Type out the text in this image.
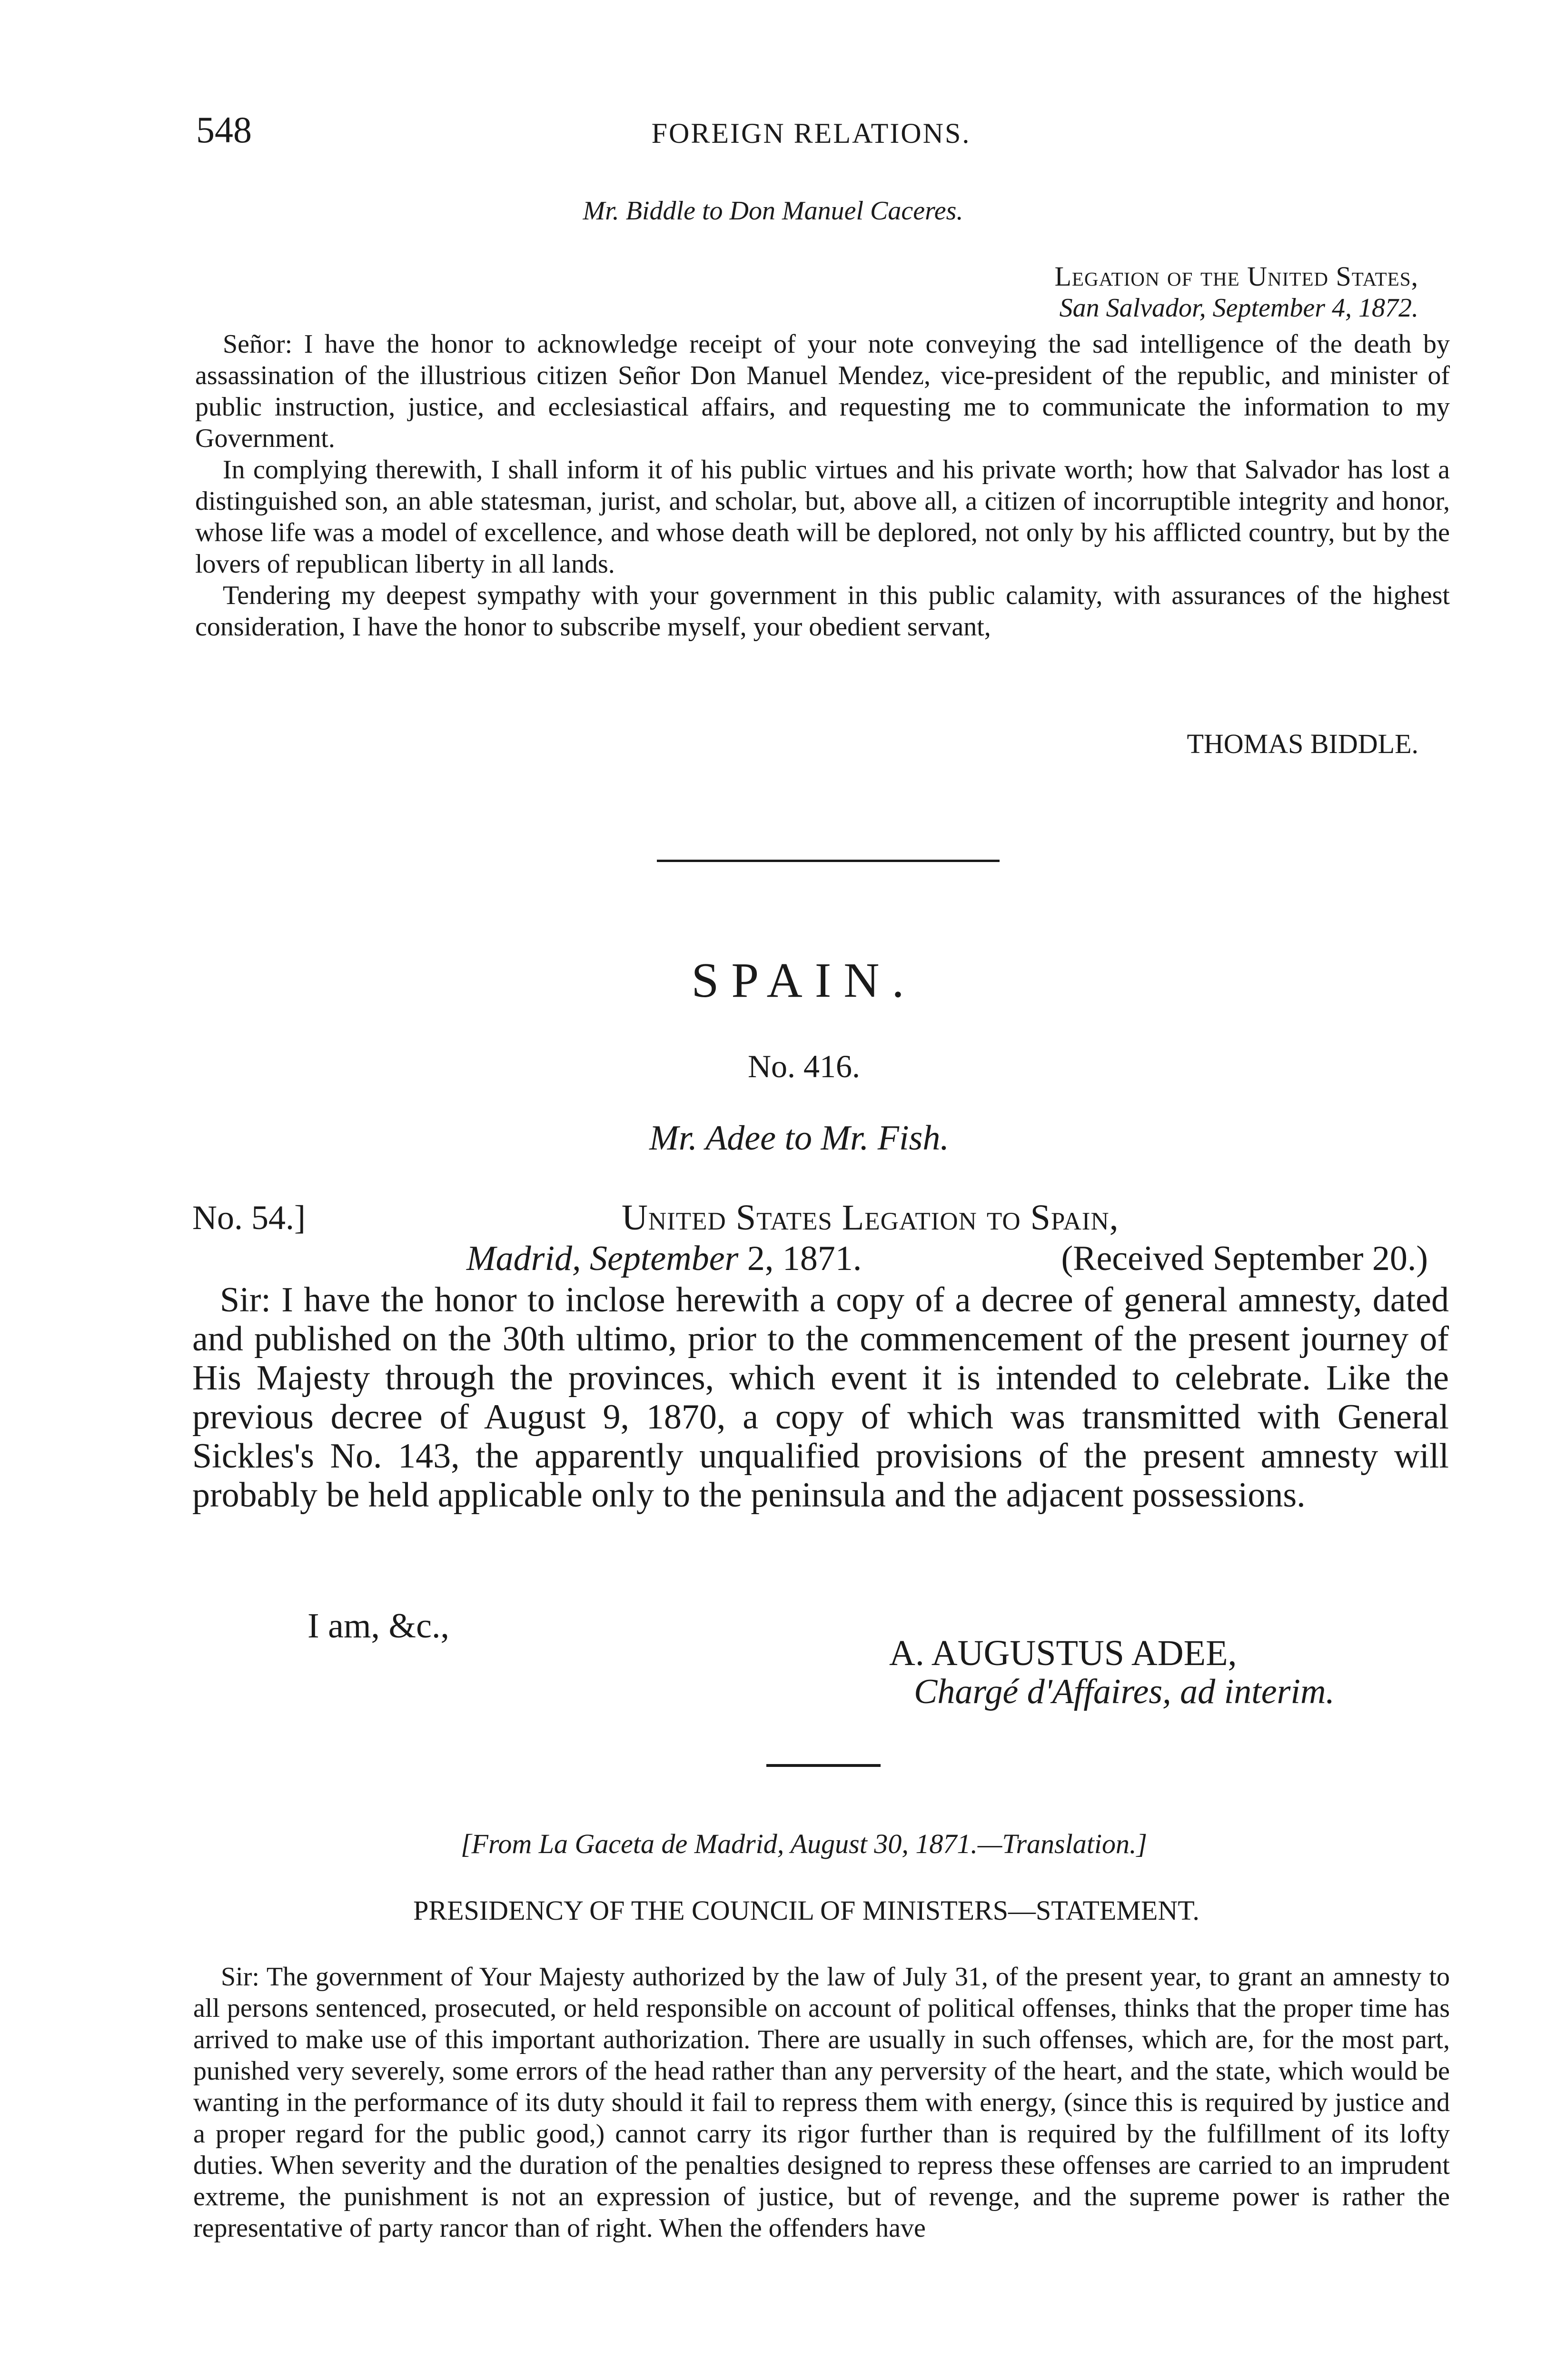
548	FOREIGN RELATIONS.
Mr. Biddle to Don Manuel Caceres.
Legation of the United States,
San Salvador, September 4, 1872.

Señor: I have the honor to acknowledge receipt of your note conveying the sad intelligence of the death by assassination of the illustrious citizen Señor Don Manuel Mendez, vice-president of the republic, and minister of public instruction, justice, and ecclesiastical affairs, and requesting me to communicate the information to my Government.

In complying therewith, I shall inform it of his public virtues and his private worth; how that Salvador has lost a distinguished son, an able statesman, jurist, and scholar, but, above all, a citizen of incorruptible integrity and honor, whose life was a model of excellence, and whose death will be deplored, not only by his afflicted country, but by the lovers of republican liberty in all lands.

Tendering my deepest sympathy with your government in this public calamity, with assurances of the highest consideration, I have the honor to subscribe myself, your obedient servant,

THOMAS BIDDLE.
SPAIN.
No. 416.
Mr. Adee to Mr. Fish.
No. 54.]	United States Legation to Spain,
Madrid, September 2, 1871.	(Received September 20.)

Sir: I have the honor to inclose herewith a copy of a decree of general amnesty, dated and published on the 30th ultimo, prior to the commencement of the present journey of His Majesty through the provinces, which event it is intended to celebrate. Like the previous decree of August 9, 1870, a copy of which was transmitted with General Sickles's No. 143, the apparently unqualified provisions of the present amnesty will probably be held applicable only to the peninsula and the adjacent possessions.

I am, &c.,
A. AUGUSTUS ADEE,
Chargé d'Affaires, ad interim.
[From La Gaceta de Madrid, August 30, 1871.—Translation.]
PRESIDENCY OF THE COUNCIL OF MINISTERS—STATEMENT.

Sir: The government of Your Majesty authorized by the law of July 31, of the present year, to grant an amnesty to all persons sentenced, prosecuted, or held responsible on account of political offenses, thinks that the proper time has arrived to make use of this important authorization. There are usually in such offenses, which are, for the most part, punished very severely, some errors of the head rather than any perversity of the heart, and the state, which would be wanting in the performance of its duty should it fail to repress them with energy, (since this is required by justice and a proper regard for the public good,) cannot carry its rigor further than is required by the fulfillment of its lofty duties. When severity and the duration of the penalties designed to repress these offenses are carried to an imprudent extreme, the punishment is not an expression of justice, but of revenge, and the supreme power is rather the representative of party rancor than of right. When the offenders have
